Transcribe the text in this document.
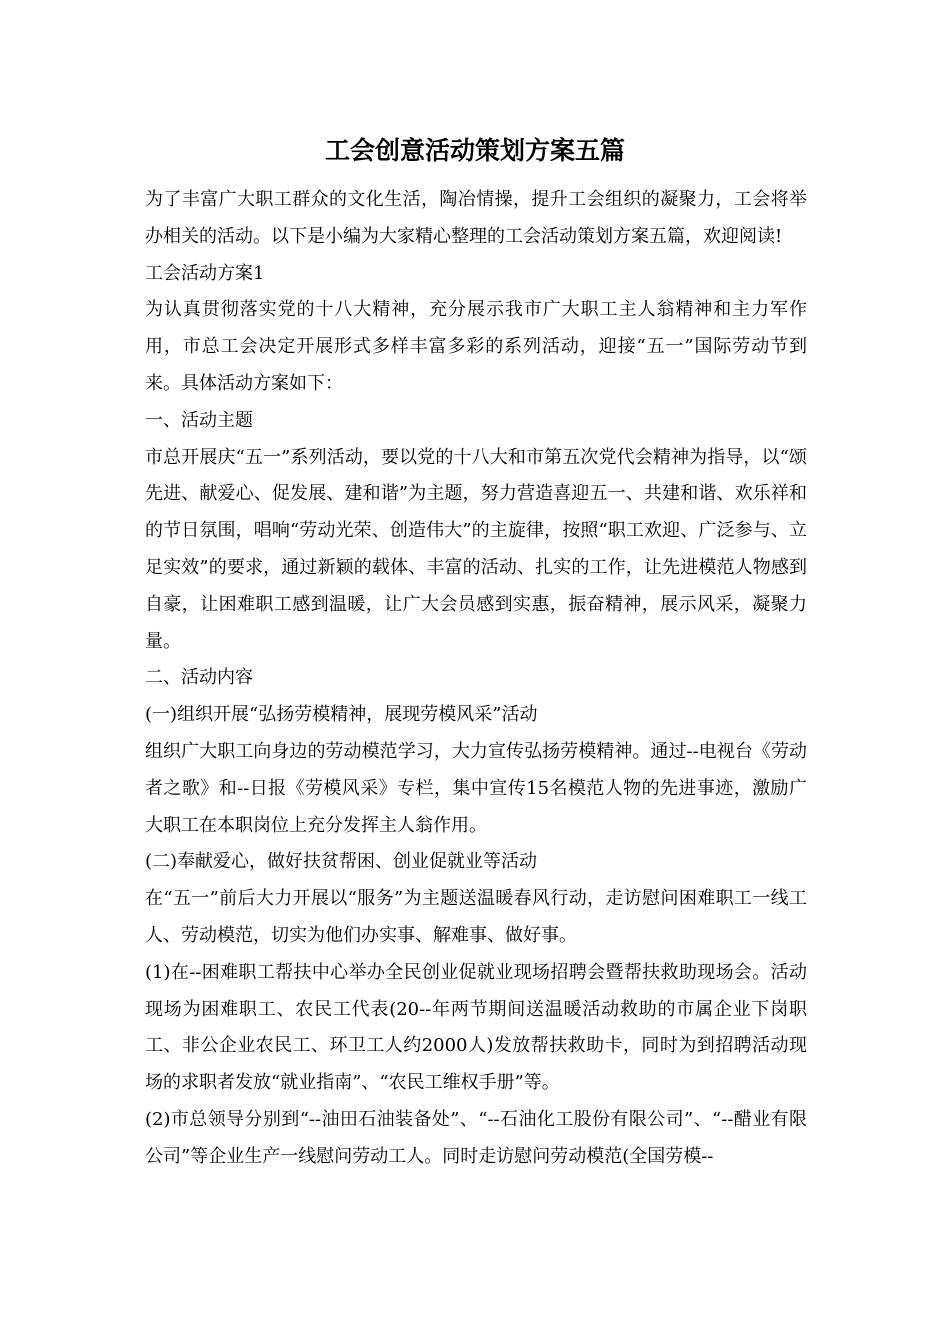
工会创意活动策划方案五篇

为了丰富广大职工群众的文化生活，陶冶情操，提升工会组织的凝聚力，工会将举办相关的活动。以下是小编为大家精心整理的工会活动策划方案五篇，欢迎阅读!

工会活动方案1

为认真贯彻落实党的十八大精神，充分展示我市广大职工主人翁精神和主力军作用，市总工会决定开展形式多样丰富多彩的系列活动，迎接“五一”国际劳动节到来。具体活动方案如下：

一、活动主题

市总开展庆“五一”系列活动，要以党的十八大和市第五次党代会精神为指导，以“颂先进、献爱心、促发展、建和谐”为主题，努力营造喜迎五一、共建和谐、欢乐祥和的节日氛围，唱响“劳动光荣、创造伟大”的主旋律，按照“职工欢迎、广泛参与、立足实效”的要求，通过新颖的载体、丰富的活动、扎实的工作，让先进模范人物感到自豪，让困难职工感到温暖，让广大会员感到实惠，振奋精神，展示风采，凝聚力量。

二、活动内容

(一)组织开展“弘扬劳模精神，展现劳模风采”活动

组织广大职工向身边的劳动模范学习，大力宣传弘扬劳模精神。通过--电视台《劳动者之歌》和--日报《劳模风采》专栏，集中宣传15名模范人物的先进事迹，激励广大职工在本职岗位上充分发挥主人翁作用。

(二)奉献爱心，做好扶贫帮困、创业促就业等活动

在“五一”前后大力开展以“服务”为主题送温暖春风行动，走访慰问困难职工一线工人、劳动模范，切实为他们办实事、解难事、做好事。

(1)在--困难职工帮扶中心举办全民创业促就业现场招聘会暨帮扶救助现场会。活动现场为困难职工、农民工代表(20--年两节期间送温暖活动救助的市属企业下岗职工、非公企业农民工、环卫工人约2000人)发放帮扶救助卡，同时为到招聘活动现场的求职者发放“就业指南”、“农民工维权手册”等。

(2)市总领导分别到“--油田石油装备处”、“--石油化工股份有限公司”、“--醋业有限公司”等企业生产一线慰问劳动工人。同时走访慰问劳动模范(全国劳模--
